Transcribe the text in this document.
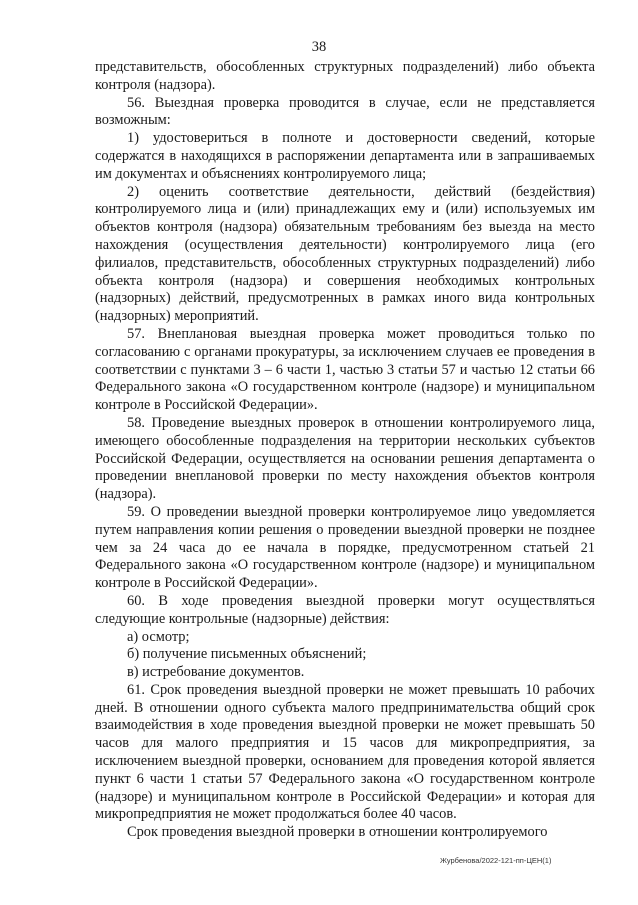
38

представительств, обособленных структурных подразделений) либо объекта контроля (надзора).

56. Выездная проверка проводится в случае, если не представляется возможным:

1) удостовериться в полноте и достоверности сведений, которые содержатся в находящихся в распоряжении департамента или в запрашиваемых им документах и объяснениях контролируемого лица;

2) оценить соответствие деятельности, действий (бездействия) контролируемого лица и (или) принадлежащих ему и (или) используемых им объектов контроля (надзора) обязательным требованиям без выезда на место нахождения (осуществления деятельности) контролируемого лица (его филиалов, представительств, обособленных структурных подразделений) либо объекта контроля (надзора) и совершения необходимых контрольных (надзорных) действий, предусмотренных в рамках иного вида контрольных (надзорных) мероприятий.

57. Внеплановая выездная проверка может проводиться только по согласованию с органами прокуратуры, за исключением случаев ее проведения в соответствии с пунктами 3 – 6 части 1, частью 3 статьи 57 и частью 12 статьи 66 Федерального закона «О государственном контроле (надзоре) и муниципальном контроле в Российской Федерации».

58. Проведение выездных проверок в отношении контролируемого лица, имеющего обособленные подразделения на территории нескольких субъектов Российской Федерации, осуществляется на основании решения департамента о проведении внеплановой проверки по месту нахождения объектов контроля (надзора).

59. О проведении выездной проверки контролируемое лицо уведомляется путем направления копии решения о проведении выездной проверки не позднее чем за 24 часа до ее начала в порядке, предусмотренном статьей 21 Федерального закона «О государственном контроле (надзоре) и муниципальном контроле в Российской Федерации».

60. В ходе проведения выездной проверки могут осуществляться следующие контрольные (надзорные) действия:

а) осмотр;

б) получение письменных объяснений;

в) истребование документов.

61. Срок проведения выездной проверки не может превышать 10 рабочих дней. В отношении одного субъекта малого предпринимательства общий срок взаимодействия в ходе проведения выездной проверки не может превышать 50 часов для малого предприятия и 15 часов для микропредприятия, за исключением выездной проверки, основанием для проведения которой является пункт 6 части 1 статьи 57 Федерального закона «О государственном контроле (надзоре) и муниципальном контроле в Российской Федерации» и которая для микропредприятия не может продолжаться более 40 часов.

Срок проведения выездной проверки в отношении контролируемого

Журбенова/2022-121-пп-ЦЕН(1)
